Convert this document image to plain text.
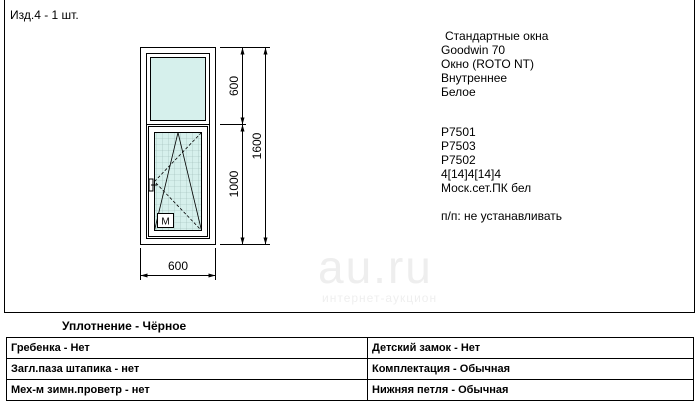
Изд.4 - 1 шт.
au.ru
интернет-аукцион
М
600
1000
1600
600
Стандартные окна
Goodwin 70
Окно (ROTO NT)
Внутреннее
Белое
P7501
P7503
P7502
4[14]4[14]4
Моск.сет.ПК бел
п/п: не устанавливать
Уплотнение - Чёрное
Гребенка - Нет	Детский замок - Нет
Загл.паза штапика - нет	Комплектация - Обычная
Мех-м зимн.проветр - нет	Нижняя петля - Обычная
